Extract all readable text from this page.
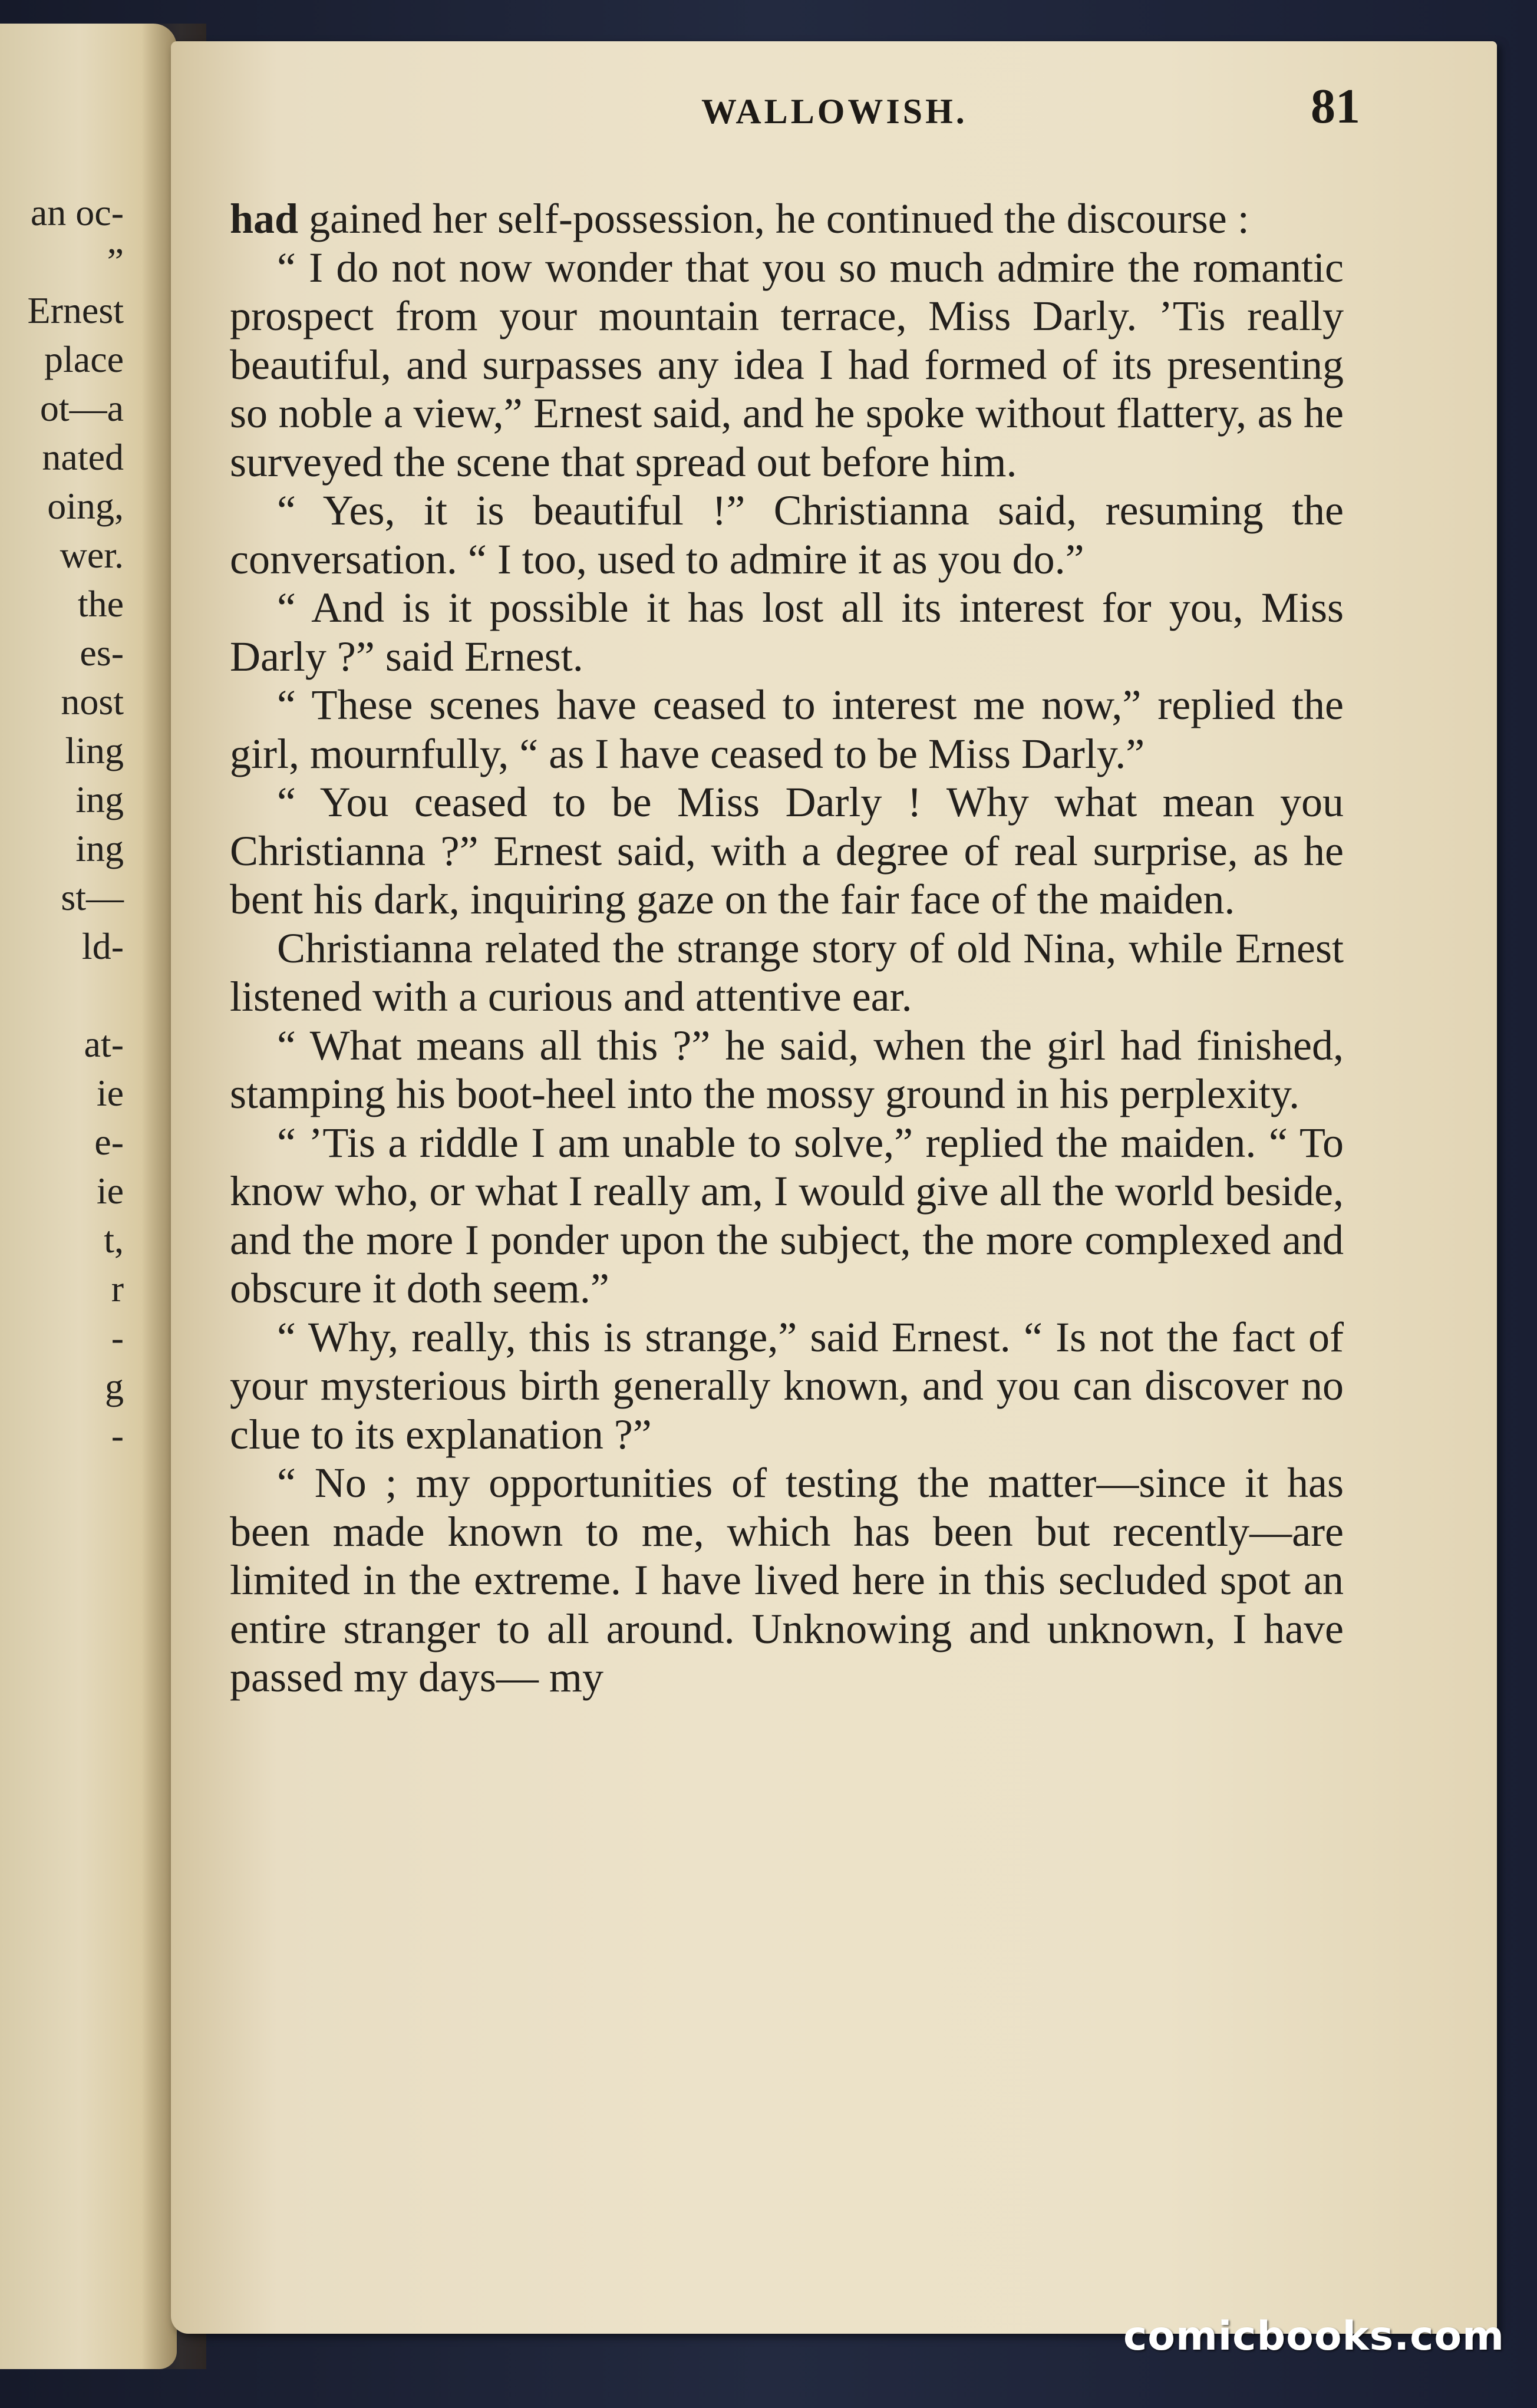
an oc-
”
Ernest
place
ot—a
nated
oing,
wer.
the
es-
nost
ling
ing
ing
st—
ld-
at-
ie
e-
ie
t,
r
-
g
-
WALLOWISH.	81

had gained her self-possession, he continued the discourse :

“ I do not now wonder that you so much admire the romantic prospect from your mountain terrace, Miss Darly. ’Tis really beautiful, and surpasses any idea I had formed of its presenting so noble a view,” Ernest said, and he spoke without flattery, as he surveyed the scene that spread out before him.

“ Yes, it is beautiful !” Christianna said, resuming the conversation. “ I too, used to admire it as you do.”

“ And is it possible it has lost all its interest for you, Miss Darly ?” said Ernest.

“ These scenes have ceased to interest me now,” replied the girl, mournfully, “ as I have ceased to be Miss Darly.”

“ You ceased to be Miss Darly ! Why what mean you Christianna ?” Ernest said, with a degree of real surprise, as he bent his dark, inquiring gaze on the fair face of the maiden.

Christianna related the strange story of old Nina, while Ernest listened with a curious and attentive ear.

“ What means all this ?” he said, when the girl had finished, stamping his boot-heel into the mossy ground in his perplexity.

“ ’Tis a riddle I am unable to solve,” replied the maiden. “ To know who, or what I really am, I would give all the world beside, and the more I ponder upon the subject, the more complexed and obscure it doth seem.”

“ Why, really, this is strange,” said Ernest. “ Is not the fact of your mysterious birth generally known, and you can discover no clue to its explanation ?”

“ No ; my opportunities of testing the matter—since it has been made known to me, which has been but recently—are limited in the extreme. I have lived here in this secluded spot an entire stranger to all around. Unknowing and unknown, I have passed my days— my

comicbooks.com
